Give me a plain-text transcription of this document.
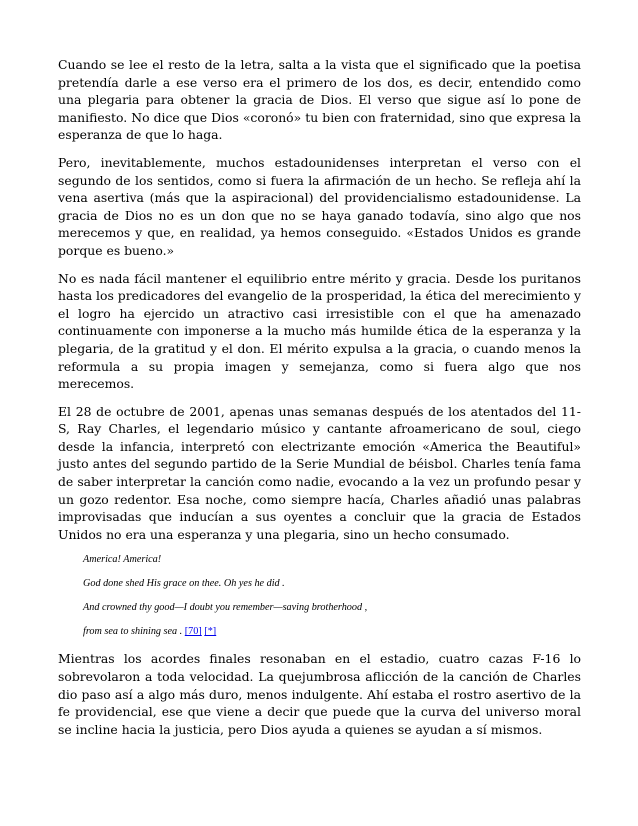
Cuando se lee el resto de la letra, salta a la vista que el significado que la poetisa pretendía darle a ese verso era el primero de los dos, es decir, entendido como una plegaria para obtener la gracia de Dios. El verso que sigue así lo pone de manifiesto. No dice que Dios «coronó» tu bien con fraternidad, sino que expresa la esperanza de que lo haga.

Pero, inevitablemente, muchos estadounidenses interpretan el verso con el segundo de los sentidos, como si fuera la afirmación de un hecho. Se refleja ahí la vena asertiva (más que la aspiracional) del providencialismo estadounidense. La gracia de Dios no es un don que no se haya ganado todavía, sino algo que nos merecemos y que, en realidad, ya hemos conseguido. «Estados Unidos es grande porque es bueno.»

No es nada fácil mantener el equilibrio entre mérito y gracia. Desde los puritanos hasta los predicadores del evangelio de la prosperidad, la ética del merecimiento y el logro ha ejercido un atractivo casi irresistible con el que ha amenazado continuamente con imponerse a la mucho más humilde ética de la esperanza y la plegaria, de la gratitud y el don. El mérito expulsa a la gracia, o cuando menos la reformula a su propia imagen y semejanza, como si fuera algo que nos merecemos.

El 28 de octubre de 2001, apenas unas semanas después de los atentados del 11-S, Ray Charles, el legendario músico y cantante afroamericano de soul, ciego desde la infancia, interpretó con electrizante emoción «America the Beautiful» justo antes del segundo partido de la Serie Mundial de béisbol. Charles tenía fama de saber interpretar la canción como nadie, evocando a la vez un profundo pesar y un gozo redentor. Esa noche, como siempre hacía, Charles añadió unas palabras improvisadas que inducían a sus oyentes a concluir que la gracia de Estados Unidos no era una esperanza y una plegaria, sino un hecho consumado.

America! America!

God done shed His grace on thee. Oh yes he did .

And crowned thy good—I doubt you remember—saving brotherhood ,

from sea to shining sea . [70] [*]

Mientras los acordes finales resonaban en el estadio, cuatro cazas F-16 lo sobrevolaron a toda velocidad. La quejumbrosa aflicción de la canción de Charles dio paso así a algo más duro, menos indulgente. Ahí estaba el rostro asertivo de la fe providencial, ese que viene a decir que puede que la curva del universo moral se incline hacia la justicia, pero Dios ayuda a quienes se ayudan a sí mismos.
